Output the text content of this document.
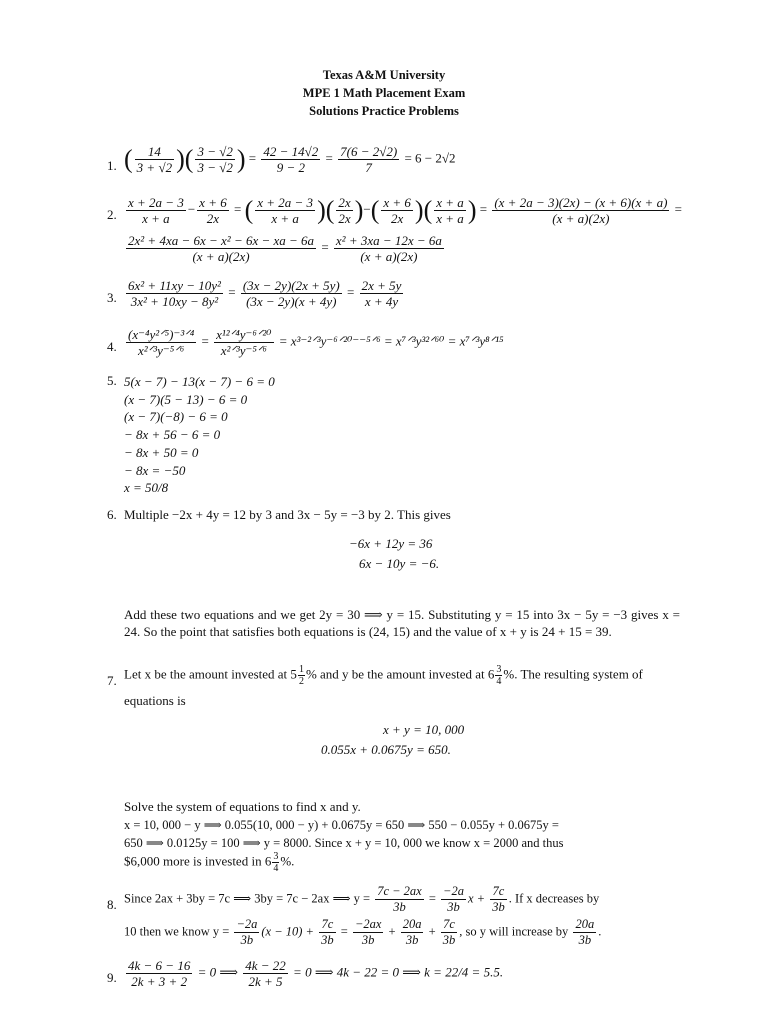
Texas A&M University
MPE 1 Math Placement Exam
Solutions Practice Problems
1. ( $\frac{14}{3 + √2}$ )( $\frac{3 - √2}{3 - √2}$ ) = $\frac{42 - 14√2}{9 - 2} = \frac{7(6 - 2√2)}{7} = 6 - 2√2$
2. $\frac{x + 2a - 3}{x + a} - \frac{x + 6}{2x}$ = ( $\frac{x + 2a - 3}{x + a}$ )( $\frac{2x}{2x}$ )−( $\frac{x + 6}{2x}$ )( $\frac{x + a}{x + a}$ ) = $\frac{(x + 2a - 3)(2x) - (x + 6)(x + a)}{(x + a)(2x)}$ =
$\frac{\text{2x² + 4xa − 6x − x² − 6x − xa − 6a}}{(x + a)(2x)} = \frac{\text{x² + 3xa − 12x − 6a}}{(x + a)(2x)}$
3. $\frac{\text{6x² + 11xy − 10y²}}{\text{3x² + 10xy − 8y²}} = \frac{(3x - 2y)(2x + 5y)}{(3x - 2y)(x + 4y)} = \frac{2x + 5y}{x + 4y}$
4.
(x⁻⁴y²ᐟ⁵)⁻³ᐟ⁴
x²ᐟ³y⁻⁵ᐟ⁶
= x¹²ᐟ⁴y⁻⁶ᐟ²⁰
x²ᐟ³y⁻⁵ᐟ⁶
= x³⁻²ᐟ³y⁻⁶ᐟ²⁰⁻⁻⁵ᐟ⁶ = x⁷ᐟ³y³²ᐟ⁶⁰ = x⁷ᐟ³y⁸ᐟ¹⁵
5. 5(x − 7) − 13(x − 7) − 6 = 0
(x − 7)(5 − 13) − 6 = 0
(x − 7)(−8) − 6 = 0
− 8x + 56 − 6 = 0
− 8x + 50 = 0
− 8x = −50
x = 50/8
6. Multiple −2x + 4y = 12 by 3 and 3x − 5y = −3 by 2. This gives
−6x + 12y = 36
6x − 10y = −6.
Add these two equations and we get 2y = 30 ⟹ y = 15. Substituting y = 15 into 3x − 5y = −3 gives x = 24. So the point that satisfies both equations is (24, 15) and the value of x + y is 24 + 15 = 39.
7. Let x be the amount invested at $5 \frac{1}{2}$ % and y be the amount invested at $6 \frac{3}{4}$ %. The resulting system of
equations is
x + y = 10, 000
0.055x + 0.0675y = 650.
Solve the system of equations to find x and y.
x = 10, 000 − y ⟹ 0.055(10, 000 − y) + 0.0675y = 650 ⟹ 550 − 0.055y + 0.0675y =
650 ⟹ 0.0125y = 100 ⟹ y = 8000. Since x + y = 10, 000 we know x = 2000 and thus
$6,000 more is invested in $6 \frac{3}{4}$ %.
8. Since 2ax + 3by = 7c ⟹ 3by = 7c − 2ax ⟹ $y = \frac{7c - 2ax}{3b} = \frac{-2a}{3b}$ $x + \frac{7c}{3b}$ . If x decreases by
10 then we know $y = \frac{-2a}{3b} (x - 10) + \frac{7c}{3b} = \frac{-2ax}{3b} + \frac{20a}{3b} + \frac{7c}{3b}$ , so y will increase by $\frac{20a}{3b}$ .
9. $\frac{4k - 6 - 16}{2k + 3 + 2} = 0$ ⟹ $\frac{4k - 22}{2k + 5} = 0$ ⟹ 4k − 22 = 0 ⟹ k = 22/4 = 5.5.
